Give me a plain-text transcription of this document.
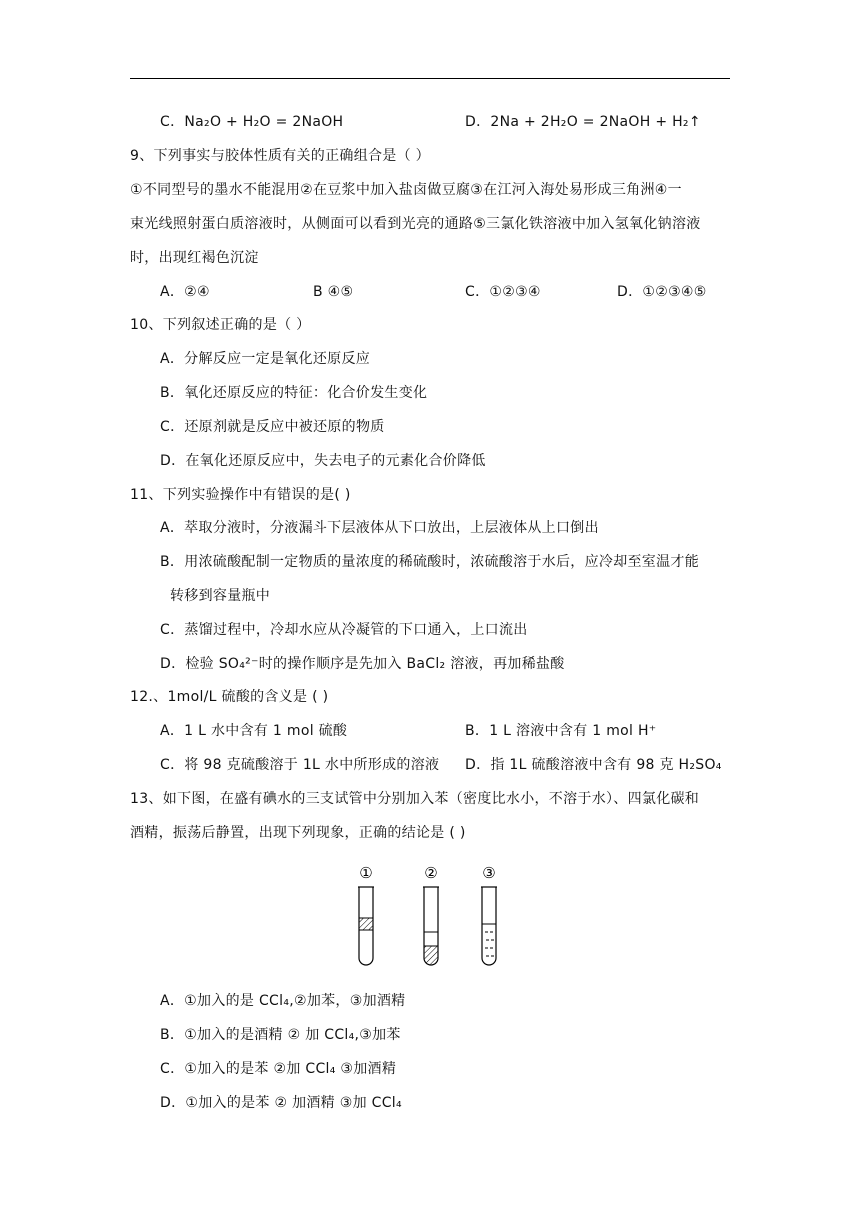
C．Na₂O + H₂O = 2NaOH	D．2Na + 2H₂O = 2NaOH + H₂↑
9、下列事实与胶体性质有关的正确组合是（ ）
①不同型号的墨水不能混用②在豆浆中加入盐卤做豆腐③在江河入海处易形成三角洲④一
束光线照射蛋白质溶液时，从侧面可以看到光亮的通路⑤三氯化铁溶液中加入氢氧化钠溶液
时，出现红褐色沉淀
A．②④	B ④⑤	C．①②③④	D．①②③④⑤
10、下列叙述正确的是（ ）
A．分解反应一定是氧化还原反应
B．氧化还原反应的特征：化合价发生变化
C．还原剂就是反应中被还原的物质
D．在氧化还原反应中，失去电子的元素化合价降低
11、下列实验操作中有错误的是( )
A．萃取分液时，分液漏斗下层液体从下口放出，上层液体从上口倒出
B．用浓硫酸配制一定物质的量浓度的稀硫酸时，浓硫酸溶于水后，应冷却至室温才能
转移到容量瓶中
C．蒸馏过程中，冷却水应从冷凝管的下口通入，上口流出
D．检验 SO₄²⁻时的操作顺序是先加入 BaCl₂ 溶液，再加稀盐酸
12.、1mol/L 硫酸的含义是 ( )
A．1 L 水中含有 1 mol 硫酸	B．1 L 溶液中含有 1 mol H⁺
C．将 98 克硫酸溶于 1L 水中所形成的溶液 D．指 1L 硫酸溶液中含有 98 克 H₂SO₄
13、如下图，在盛有碘水的三支试管中分别加入苯（密度比水小，不溶于水）、四氯化碳和
酒精，振荡后静置，出现下列现象，正确的结论是 ( )
①	②	③
A．①加入的是 CCl₄,②加苯，③加酒精
B．①加入的是酒精 ② 加 CCl₄,③加苯
C．①加入的是苯 ②加 CCl₄ ③加酒精
D．①加入的是苯 ② 加酒精 ③加 CCl₄
